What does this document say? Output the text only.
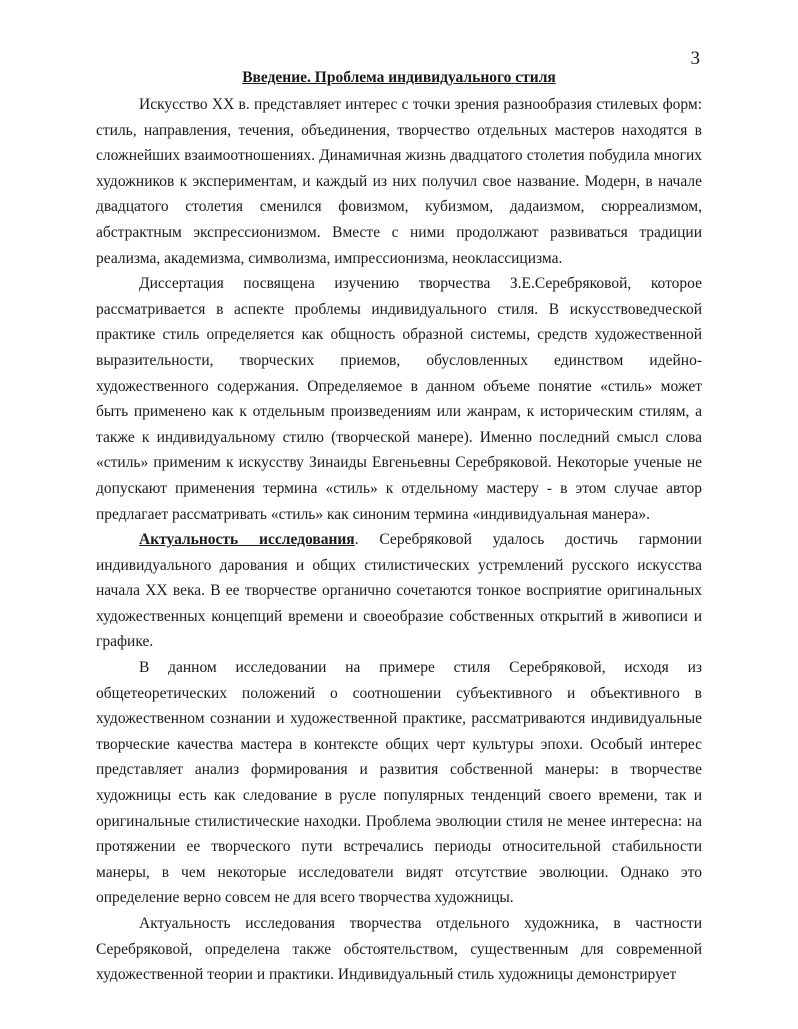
3
Введение. Проблема индивидуального стиля

Искусство XX в. представляет интерес с точки зрения разнообразия стилевых форм: стиль, направления, течения, объединения, творчество отдельных мастеров находятся в сложнейших взаимоотношениях. Динамичная жизнь двадцатого столетия побудила многих художников к экспериментам, и каждый из них получил свое название. Модерн, в начале двадцатого столетия сменился фовизмом, кубизмом, дадаизмом, сюрреализмом, абстрактным экспрессионизмом. Вместе с ними продолжают развиваться традиции реализма, академизма, символизма, импрессионизма, неоклассицизма.

Диссертация посвящена изучению творчества З.Е.Серебряковой, которое рассматривается в аспекте проблемы индивидуального стиля. В искусствоведческой практике стиль определяется как общность образной системы, средств художественной выразительности, творческих приемов, обусловленных единством идейно-художественного содержания. Определяемое в данном объеме понятие «стиль» может быть применено как к отдельным произведениям или жанрам, к историческим стилям, а также к индивидуальному стилю (творческой манере). Именно последний смысл слова «стиль» применим к искусству Зинаиды Евгеньевны Серебряковой. Некоторые ученые не допускают применения термина «стиль» к отдельному мастеру - в этом случае автор предлагает рассматривать «стиль» как синоним термина «индивидуальная манера».

Актуальность исследования. Серебряковой удалось достичь гармонии индивидуального дарования и общих стилистических устремлений русского искусства начала XX века. В ее творчестве органично сочетаются тонкое восприятие оригинальных художественных концепций времени и своеобразие собственных открытий в живописи и графике.

В данном исследовании на примере стиля Серебряковой, исходя из общетеоретических положений о соотношении субъективного и объективного в художественном сознании и художественной практике, рассматриваются индивидуальные творческие качества мастера в контексте общих черт культуры эпохи. Особый интерес представляет анализ формирования и развития собственной манеры: в творчестве художницы есть как следование в русле популярных тенденций своего времени, так и оригинальные стилистические находки. Проблема эволюции стиля не менее интересна: на протяжении ее творческого пути встречались периоды относительной стабильности манеры, в чем некоторые исследователи видят отсутствие эволюции. Однако это определение верно совсем не для всего творчества художницы.

Актуальность исследования творчества отдельного художника, в частности Серебряковой, определена также обстоятельством, существенным для современной художественной теории и практики. Индивидуальный стиль художницы демонстрирует
